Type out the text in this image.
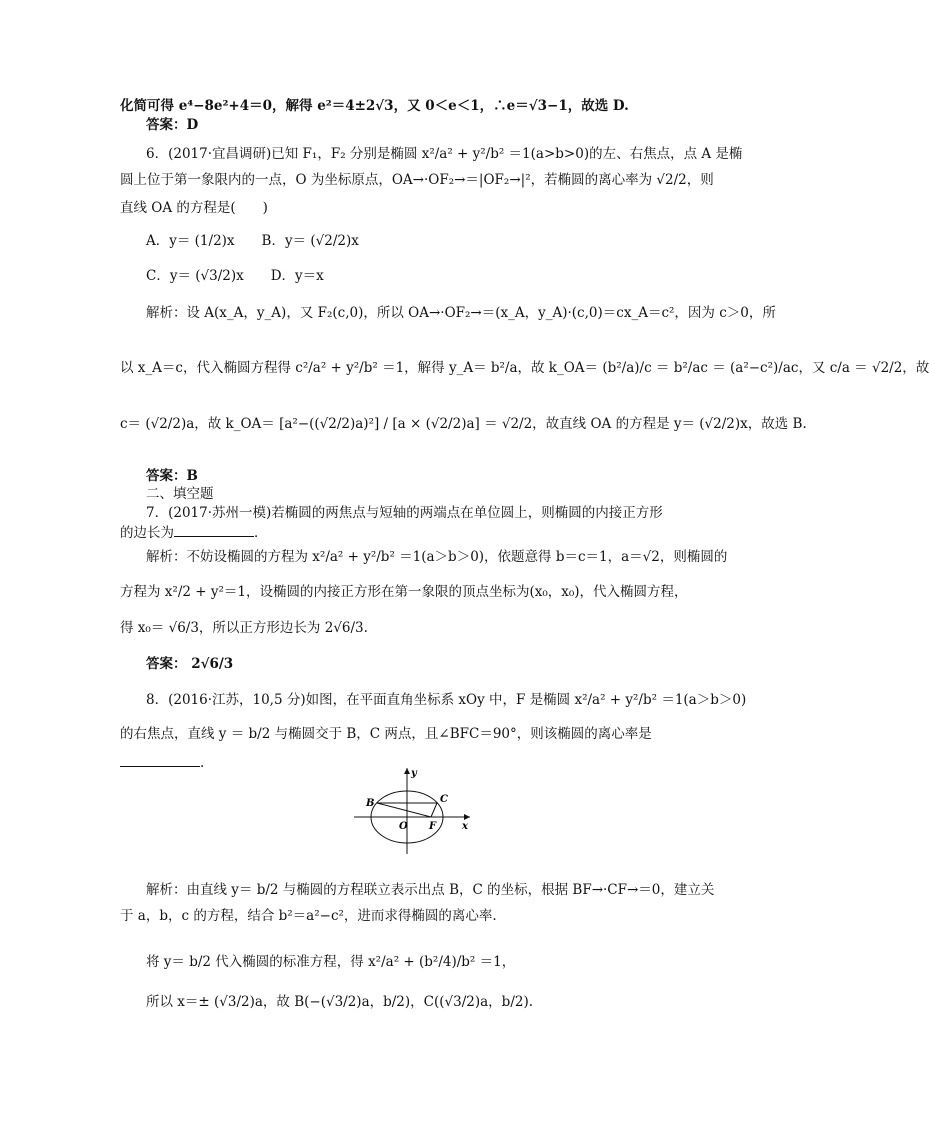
化简可得 e⁴−8e²+4＝0，解得 e²＝4±2√3，又 0＜e＜1，∴e＝√3−1，故选 D.
答案：D
6．(2017·宜昌调研)已知 F₁，F₂ 分别是椭圆 x²/a² + y²/b² ＝1(a>b>0)的左、右焦点，点 A 是椭
圆上位于第一象限内的一点，O 为坐标原点，OA→·OF₂→＝|OF₂→|²，若椭圆的离心率为 √2/2，则
直线 OA 的方程是(　　)
A．y＝ (1/2)x　　B．y＝ (√2/2)x
C．y＝ (√3/2)x　　D．y＝x
解析：设 A(x_A，y_A)，又 F₂(c,0)，所以 OA→·OF₂→＝(x_A，y_A)·(c,0)＝cx_A＝c²，因为 c＞0，所
以 x_A＝c，代入椭圆方程得 c²/a² + y²/b² ＝1，解得 y_A＝ b²/a，故 k_OA＝ (b²/a)/c ＝ b²/ac ＝ (a²−c²)/ac，又 c/a ＝ √2/2，故
c＝ (√2/2)a，故 k_OA＝ [a²−((√2/2)a)²] / [a × (√2/2)a] ＝ √2/2，故直线 OA 的方程是 y＝ (√2/2)x，故选 B.
答案：B
二、填空题
7．(2017·苏州一模)若椭圆的两焦点与短轴的两端点在单位圆上，则椭圆的内接正方形
的边长为	．
解析：不妨设椭圆的方程为 x²/a² + y²/b² ＝1(a＞b＞0)，依题意得 b＝c＝1，a＝√2，则椭圆的
方程为 x²/2 + y²＝1，设椭圆的内接正方形在第一象限的顶点坐标为(x₀，x₀)，代入椭圆方程，
得 x₀＝ √6/3，所以正方形边长为 2√6/3.
答案： 2√6/3
8．(2016·江苏，10,5 分)如图，在平面直角坐标系 xOy 中，F 是椭圆 x²/a² + y²/b² ＝1(a＞b＞0)
的右焦点，直线 y ＝ b/2 与椭圆交于 B，C 两点，且∠BFC＝90°，则该椭圆的离心率是
.
y
x
O F
B	C
解析：由直线 y＝ b/2 与椭圆的方程联立表示出点 B，C 的坐标，根据 BF→·CF→＝0，建立关
于 a，b，c 的方程，结合 b²＝a²−c²，进而求得椭圆的离心率.
将 y＝ b/2 代入椭圆的标准方程，得 x²/a² + (b²/4)/b² ＝1，
所以 x＝± (√3/2)a，故 B(−(√3/2)a，b/2)，C((√3/2)a，b/2).
